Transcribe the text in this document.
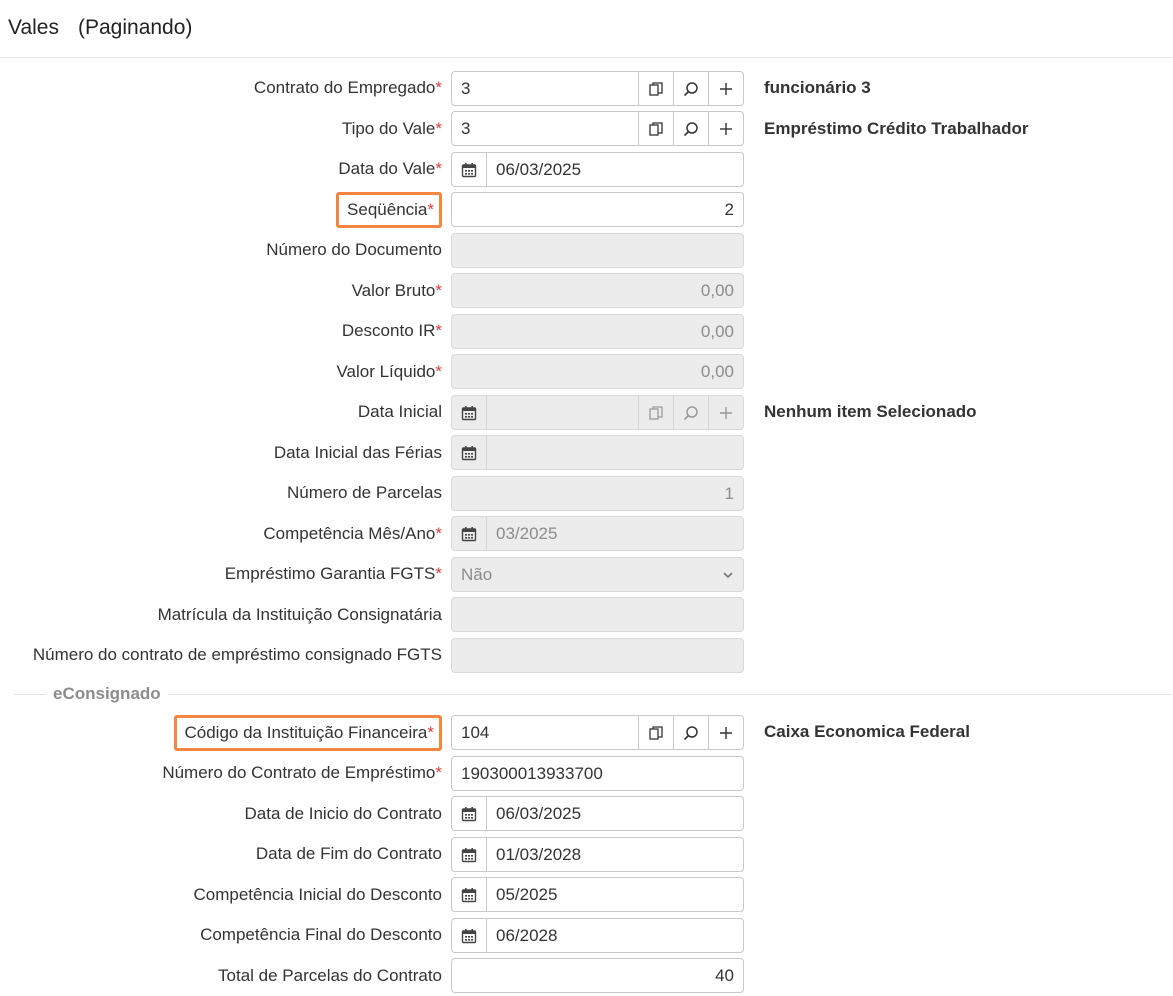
Vales (Paginando)
Contrato do Empregado*	3	funcionário 3
Tipo do Vale*	3	Empréstimo Crédito Trabalhador
Data do Vale*	06/03/2025
Seqüência*	2
Número do Documento
Valor Bruto*	0,00
Desconto IR*	0,00
Valor Líquido*	0,00
Data Inicial	Nenhum item Selecionado
Data Inicial das Férias
Número de Parcelas	1
Competência Mês/Ano*	03/2025
Empréstimo Garantia FGTS*	Não
Matrícula da Instituição Consignatária
Número do contrato de empréstimo consignado FGTS
eConsignado
Código da Instituição Financeira*	104	Caixa Economica Federal
Número do Contrato de Empréstimo*	190300013933700
Data de Inicio do Contrato	06/03/2025
Data de Fim do Contrato	01/03/2028
Competência Inicial do Desconto	05/2025
Competência Final do Desconto	06/2028
Total de Parcelas do Contrato	40
